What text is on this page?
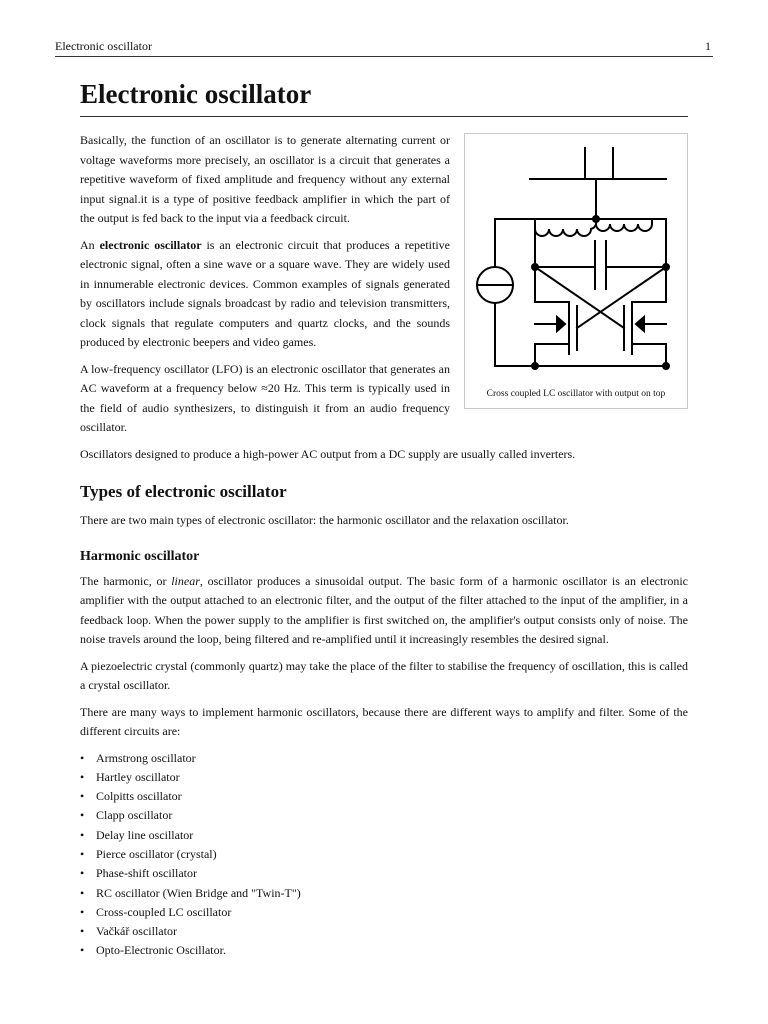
Electronic oscillator	1
Electronic oscillator
Cross coupled LC oscillator with output on top

Basically, the function of an oscillator is to generate alternating current or voltage waveforms more precisely, an oscillator is a circuit that generates a repetitive waveform of fixed amplitude and frequency without any external input signal.it is a type of positive feedback amplifier in which the part of the output is fed back to the input via a feedback circuit.

An electronic oscillator is an electronic circuit that produces a repetitive electronic signal, often a sine wave or a square wave. They are widely used in innumerable electronic devices. Common examples of signals generated by oscillators include signals broadcast by radio and television transmitters, clock signals that regulate computers and quartz clocks, and the sounds produced by electronic beepers and video games.

A low-frequency oscillator (LFO) is an electronic oscillator that generates an AC waveform at a frequency below ≈20 Hz. This term is typically used in the field of audio synthesizers, to distinguish it from an audio frequency oscillator.

Oscillators designed to produce a high-power AC output from a DC supply are usually called inverters.

Types of electronic oscillator

There are two main types of electronic oscillator: the harmonic oscillator and the relaxation oscillator.

Harmonic oscillator

The harmonic, or linear, oscillator produces a sinusoidal output. The basic form of a harmonic oscillator is an electronic amplifier with the output attached to an electronic filter, and the output of the filter attached to the input of the amplifier, in a feedback loop. When the power supply to the amplifier is first switched on, the amplifier's output consists only of noise. The noise travels around the loop, being filtered and re-amplified until it increasingly resembles the desired signal.

A piezoelectric crystal (commonly quartz) may take the place of the filter to stabilise the frequency of oscillation, this is called a crystal oscillator.

There are many ways to implement harmonic oscillators, because there are different ways to amplify and filter. Some of the different circuits are:

• Armstrong oscillator
• Hartley oscillator
• Colpitts oscillator
• Clapp oscillator
• Delay line oscillator
• Pierce oscillator (crystal)
• Phase-shift oscillator
• RC oscillator (Wien Bridge and "Twin-T")
• Cross-coupled LC oscillator
• Vačkář oscillator
• Opto-Electronic Oscillator.
